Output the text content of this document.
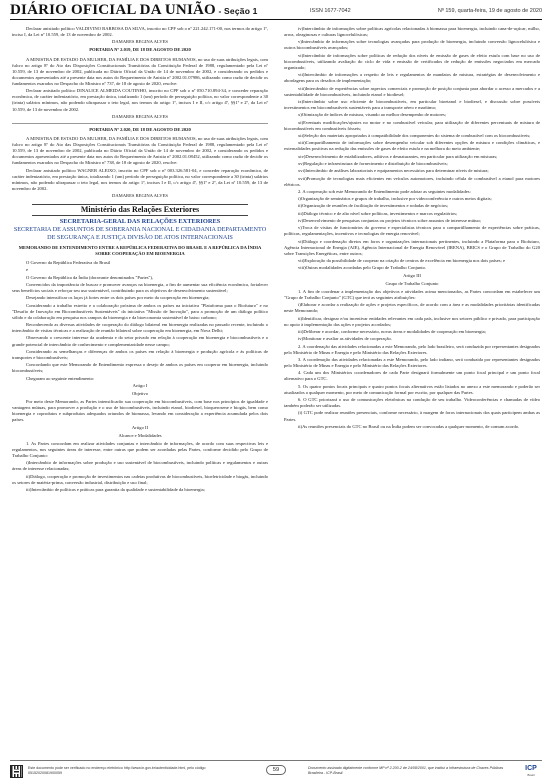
DIÁRIO OFICIAL DA UNIÃO - Seção 1	ISSN 1677-7042	Nº 159, quarta-feira, 19 de agosto de 2020

Declarar anistiado político VALDIVINO BARBOSA DA SILVA, inscrito no CPF sob o nº 221.242.171-00, nos termos do artigo 1º, inciso I, da Lei nº 10.559, de 13 de novembro de 2002.

DAMARES REGINA ALVES

PORTARIA Nº 2.019, DE 18 DE AGOSTO DE 2020

A MINISTRA DE ESTADO DA MULHER, DA FAMÍLIA E DOS DIREITOS HUMANOS, no uso de suas atribuições legais, com fulcro no artigo 8º do Ato das Disposições Constitucionais Transitórias da Constituição Federal de 1988, regulamentado pela Lei nº 10.559, de 13 de novembro de 2002, publicada no Diário Oficial da União de 14 de novembro de 2002, e considerando os pedidos e documentos apresentados até a presente data nos autos do Requerimento de Anistia nº 2002.01.07986, utilizando como razão de decidir os fundamentos exarados no Despacho do Ministro nº 737, de 18 de agosto de 2020, resolve:

Declarar anistiado político DINALICE ALMEIDA COUTINHO, inscrito no CPF sob o nº 050.710.894-34, e conceder reparação econômica, de caráter indenizatório, em prestação única, totalizando 1 (um) período de perseguição política, no valor correspondente a 30 (trinta) salários mínimos, não podendo ultrapassar o teto legal, nos termos do artigo 1º, incisos I e II, c/c artigo 4º, §§1º e 2º, da Lei nº 10.559, de 13 de novembro de 2002.

DAMARES REGINA ALVES

PORTARIA Nº 2.020, DE 18 DE AGOSTO DE 2020

A MINISTRA DE ESTADO DA MULHER, DA FAMÍLIA E DOS DIREITOS HUMANOS, no uso de suas atribuições legais, com fulcro no artigo 8º do Ato das Disposições Constitucionais Transitórias da Constituição Federal de 1988, regulamentado pela Lei nº 10.559, de 13 de novembro de 2002, publicada no Diário Oficial da União de 14 de novembro de 2002, e considerando os pedidos e documentos apresentados até a presente data nos autos do Requerimento de Anistia nº 2002.01.08452, utilizando como razão de decidir os fundamentos exarados no Despacho do Ministro nº 738, de 18 de agosto de 2020, resolve:

Declarar anistiado político WAGNER ALEIXO, inscrito no CPF sob o nº 003.326.581-04, e conceder reparação econômica, de caráter indenizatório, em prestação única, totalizando 1 (um) período de perseguição política, no valor correspondente a 30 (trinta) salários mínimos, não podendo ultrapassar o teto legal, nos termos do artigo 1º, incisos I e II, c/c artigo 4º, §§1º e 2º, da Lei nº 10.559, de 13 de novembro de 2002.

DAMARES REGINA ALVES

Ministério das Relações Exteriores
SECRETARIA-GERAL DAS RELAÇÕES EXTERIORES
SECRETARIA DE ASSUNTOS DE SOBERANIA NACIONAL E CIDADANIA DEPARTAMENTO DE SEGURANÇA E JUSTIÇA DIVISÃO DE ATOS INTERNACIONAIS

MEMORANDO DE ENTENDIMENTO ENTRE A REPÚBLICA FEDERATIVA DO BRASIL E A REPÚBLICA DA ÍNDIA SOBRE COOPERAÇÃO EM BIOENERGIA

O Governo da República Federativa do Brasil

e

O Governo da República da Índia (doravante denominados "Partes"),

Convencidos da importância de buscar e promover avanços na bioenergia, a fim de aumentar sua eficiência econômica, fortalecer seus benefícios sociais e reforçar seu uso sustentável, contribuindo para os objetivos de desenvolvimento sustentável;

Desejando intensificar os laços já fortes entre os dois países por meio da cooperação em bioenergia;

Considerando a trabalho estreito e a colaboração próxima de ambos os países na iniciativa "Plataforma para o Biofuturo" e no "Desafio de Inovação em Biocombustíveis Sustentáveis" da iniciativa "Missão de Inovação", para a promoção de um diálogo político sólido e da colaboração em pesquisa nos campos da bioenergia e da bioeconomia sustentável de baixo carbono;

Reconhecendo as diversas atividades de cooperação do diálogo bilateral em bioenergia realizadas no passado recente, incluindo o intercâmbio de visitas técnicas e a realização de reunião bilateral sobre cooperação em bioenergia, em Nova Delhi;

Observando o crescente interesse da academia e do setor privado em relação à cooperação em bioenergia e biocombustíveis e o grande potencial de intercâmbio de conhecimento e complementaridade nesse campo;

Considerando as semelhanças e diferenças de ambos os países em relação à bioenergia e produção agrícola e às políticas de transportes e biocombustíveis;

Concordando que este Memorando de Entendimento expressa o desejo de ambos os países em cooperar em bioenergia, incluindo biocombustíveis;

Chegaram ao seguinte entendimento:

Artigo I

Objetivo

Por meio deste Memorando, as Partes intensificarão sua cooperação em biocombustíveis, com base nos princípios de igualdade e vantagens mútuas, para promover a produção e o uso de biocombustíveis, incluindo etanol, biodiesel, bioquerosene e biogás, bem como bioenergia e coprodutos e subprodutos adequados oriundos de biomassa, levando em consideração a experiência acumulada pelos dois países.

Artigo II

Alcance e Modalidades

1. As Partes concordam em realizar atividades conjuntas e intercâmbio de informações, de acordo com suas respectivas leis e regulamentos, nos seguintes áreas de interesse, entre outras que podem ser acordadas pelas Partes, conforme decidido pelo Grupo de Trabalho Conjunto:

i)Intercâmbio de informações sobre produção e uso sustentável de biocombustíveis, incluindo políticas e regulamentos e outras áreas de interesse relacionadas;

ii)Diálogo, cooperação e promoção de investimentos nas cadeias produtivas de biocombustíveis, bioeletricidade e biogás, incluindo os setores de matéria-prima, conversão industrial, distribuição e uso final;

iii)Intercâmbio de políticas e práticas para garantia da qualidade e sustentabilidade da bioenergia;

iv)Intercâmbio de informações sobre políticas agrícolas relacionadas à biomassa para bioenergia, incluindo cana-de-açúcar, milho, arroz, oleaginosas e culturas lignocelulósicas;

v)Intercâmbio de informações sobre tecnologias avançadas para produção de bioenergia, incluindo conversão lignocelulósica e outros biocombustíveis avançados;

vi)Intercâmbio de informações sobre políticas de redução dos níveis de emissão de gases de efeito estufa com base no uso de biocombustíveis, utilizando avaliação do ciclo de vida e emissão de certificados de redução de emissões negociados em mercado organizado;

vii)Intercâmbio de informações a respeito de leis e regulamentos de mandatos de mistura, estratégias de desenvolvimento e abordagens para os desafios de implementação;

viii)Intercâmbio de experiências sobre aspectos comerciais e promoção de posição conjunta para abordar o acesso a mercados e a sustentabilidade de biocombustíveis, incluindo etanol e biodiesel;

ix)Intercâmbio sobre uso eficiente de biocombustíveis, em particular bioetanol e biodiesel, e discussão sobre possíveis investimentos em biocombustíveis sustentáveis para a transporte aéreo e marítimo;

x)Otimização de índices de mistura, visando ao melhor desempenho de motores;

xi)Eventuais modificações/ajustes no motor e no combustível veicular, para utilização de diferentes percentuais de mistura de biocombustíveis em combustíveis fósseis;

xii)Seleção dos materiais apropriados à compatibilidade dos componentes do sistema de combustível com os biocombustíveis;

xiii)Compartilhamento de informações sobre desempenho veicular sob diferentes opções de mistura e condições climáticas, e externalidades positivas na redução das emissões de gases de efeito estufa e na melhora do meio ambiente;

xiv)Desenvolvimento de estabilizadores, aditivos e desnaturantes, em particular para utilização em misturas;

xv)Regulação e infraestrutura de fornecimento e distribuição de biocombustíveis;

xvi)Intercâmbio de análises laboratoriais e equipamentos necessários para determinar níveis de mistura;

xvii)Promoção de tecnologias mais eficientes em veículos automotores, incluindo célula de combustível a etanol para motores elétricos.

2. A cooperação sob este Memorando de Entendimento pode adotar as seguintes modalidades:

i)Organização de seminários e grupos de trabalho, inclusive por videoconferência e outros meios digitais;

ii)Organização de reuniões de facilitação de investimentos e rodadas de negócios;

iii)Diálogo técnico e de alto nível sobre políticas, investimentos e marcos regulatórios;

iv)Desenvolvimento de pesquisas conjuntas ou projetos técnicos sobre assuntos de interesse mútuo;

v)Troca de visitas de funcionários do governo e especialistas técnicos para o compartilhamento de experiências sobre práticas, políticas, regulamentações, incentivos e tecnologias de energia renovável;

vi)Diálogo e coordenação diretos em foros e organizações internacionais pertinentes, incluindo a Plataforma para o Biofuturo, Agência Internacional de Energia (AIE), Agência Internacional de Energia Renovável (IRENA), BRICS e o Grupo de Trabalho do G20 sobre Transições Energéticas, entre outros;

vii)Exploração da possibilidade de cooperar na criação de centros de excelência em bioenergia nos dois países; e

viii)Outras modalidades acordadas pelo Grupo de Trabalho Conjunto.

Artigo III

Grupo de Trabalho Conjunto

1. A fim de coordenar a implementação dos objetivos e atividades acima mencionados, as Partes concordam em estabelecer um "Grupo de Trabalho Conjunto" (GTC) que terá as seguintes atribuições:

i)Elaborar e acordar a realização de ações e projetos específicos, de acordo com a área e as modalidades prioritárias identificadas neste Memorando;

ii)Identificar, designar e/ou incentivar entidades relevantes em cada país, inclusive nos setores público e privado, para participação no apoio à implementação das ações e projetos acordados;

iii)Deliberar e acordar, conforme necessário, novas áreas e modalidades de cooperação em bioenergia;

iv)Monitorar e avaliar as atividades de cooperação.

2. A coordenação das atividades relacionadas a este Memorando, pelo lado brasileiro, será conduzida por representantes designados pelo Ministério de Minas e Energia e pelo Ministério das Relações Exteriores.

3. A coordenação das atividades relacionadas a este Memorando, pelo lado indiano, será conduzida por representantes designados pelo Ministério de Minas e Energia e pelo Ministério das Relações Exteriores.

4. Cada um dos Ministérios coordenadores de cada Parte designará formalmente um ponto focal principal e um ponto focal alternativo para o GTC.

5. Os quatro pontos focais principais e quatro pontos focais alternativos estão listados no anexo a este memorando e poderão ser atualizados a qualquer momento, por meio de comunicação formal por escrito, por qualquer das Partes.

6. O GTC priorizará o uso de comunicações eletrônicas na condução de seu trabalho. Videoconferências e chamadas de vídeo também poderão ser utilizadas.

(i) GTC pode realizar reuniões presenciais, conforme necessário, à margem de foros internacionais dos quais participem ambas as Partes.

ii)As reuniões presenciais do GTC no Brasil ou na Índia podem ser convocadas a qualquer momento, de comum acordo.

Este documento pode ser verificado no endereço eletrônico http://www.in.gov.br/autenticidade.html, pelo código 05152020081900059	59	Documento assinado digitalmente conforme MP nº 2.200-2 de 24/08/2001, que institui a Infraestrutura de Chaves Públicas Brasileira - ICP-Brasil.
ICP
Brasil
